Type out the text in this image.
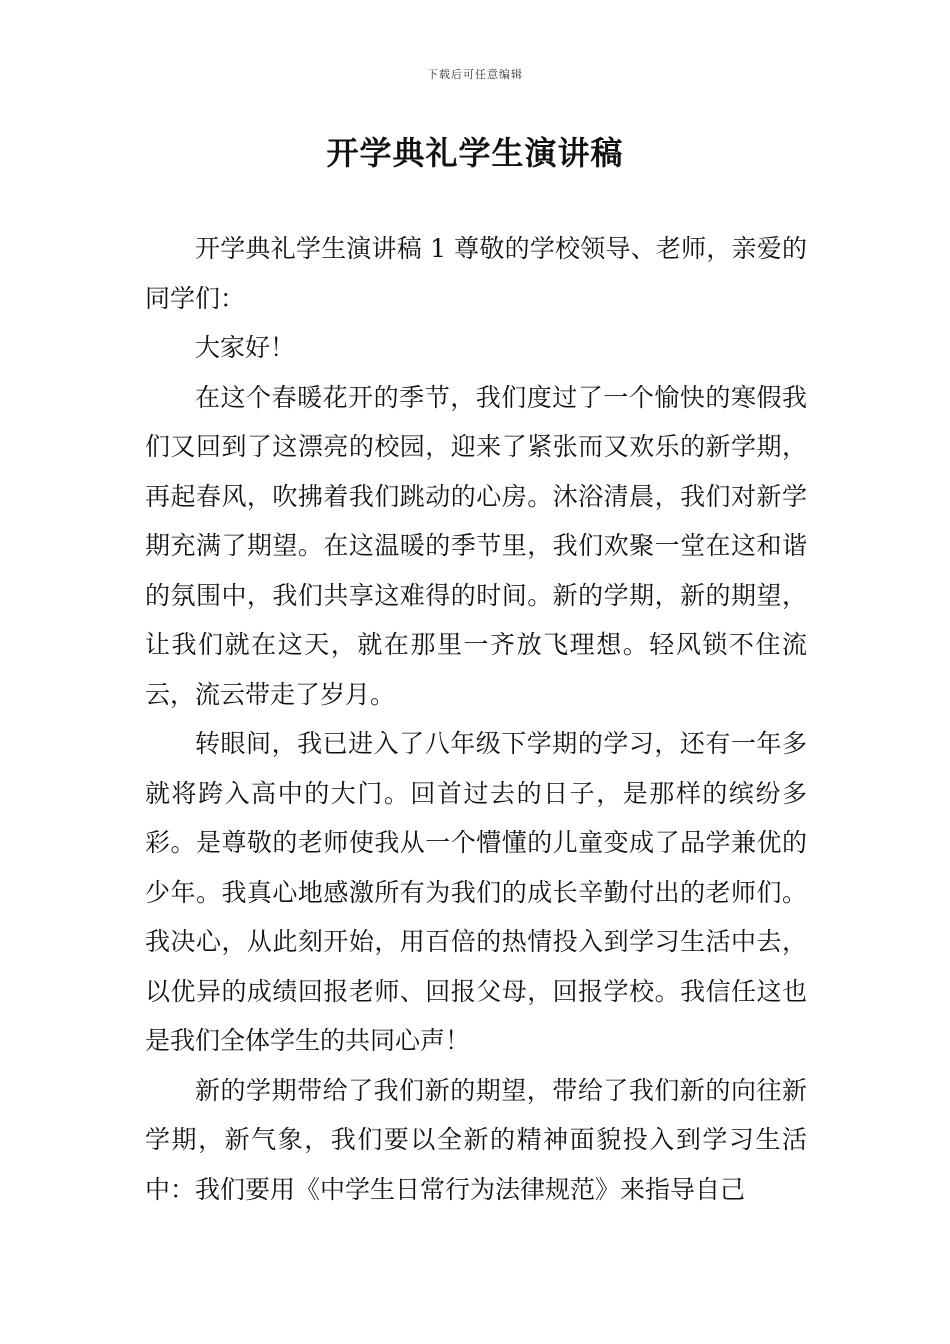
下载后可任意编辑
开学典礼学生演讲稿

开学典礼学生演讲稿 1 尊敬的学校领导、老师，亲爱的同学们：

大家好！

在这个春暖花开的季节，我们度过了一个愉快的寒假我们又回到了这漂亮的校园，迎来了紧张而又欢乐的新学期，再起春风，吹拂着我们跳动的心房。沐浴清晨，我们对新学期充满了期望。在这温暖的季节里，我们欢聚一堂在这和谐的氛围中，我们共享这难得的时间。新的学期，新的期望，让我们就在这天，就在那里一齐放飞理想。轻风锁不住流云，流云带走了岁月。

转眼间，我已进入了八年级下学期的学习，还有一年多就将跨入高中的大门。回首过去的日子，是那样的缤纷多彩。是尊敬的老师使我从一个懵懂的儿童变成了品学兼优的少年。我真心地感激所有为我们的成长辛勤付出的老师们。我决心，从此刻开始，用百倍的热情投入到学习生活中去，以优异的成绩回报老师、回报父母，回报学校。我信任这也是我们全体学生的共同心声！

新的学期带给了我们新的期望，带给了我们新的向往新学期，新气象，我们要以全新的精神面貌投入到学习生活中：我们要用《中学生日常行为法律规范》来指导自己
